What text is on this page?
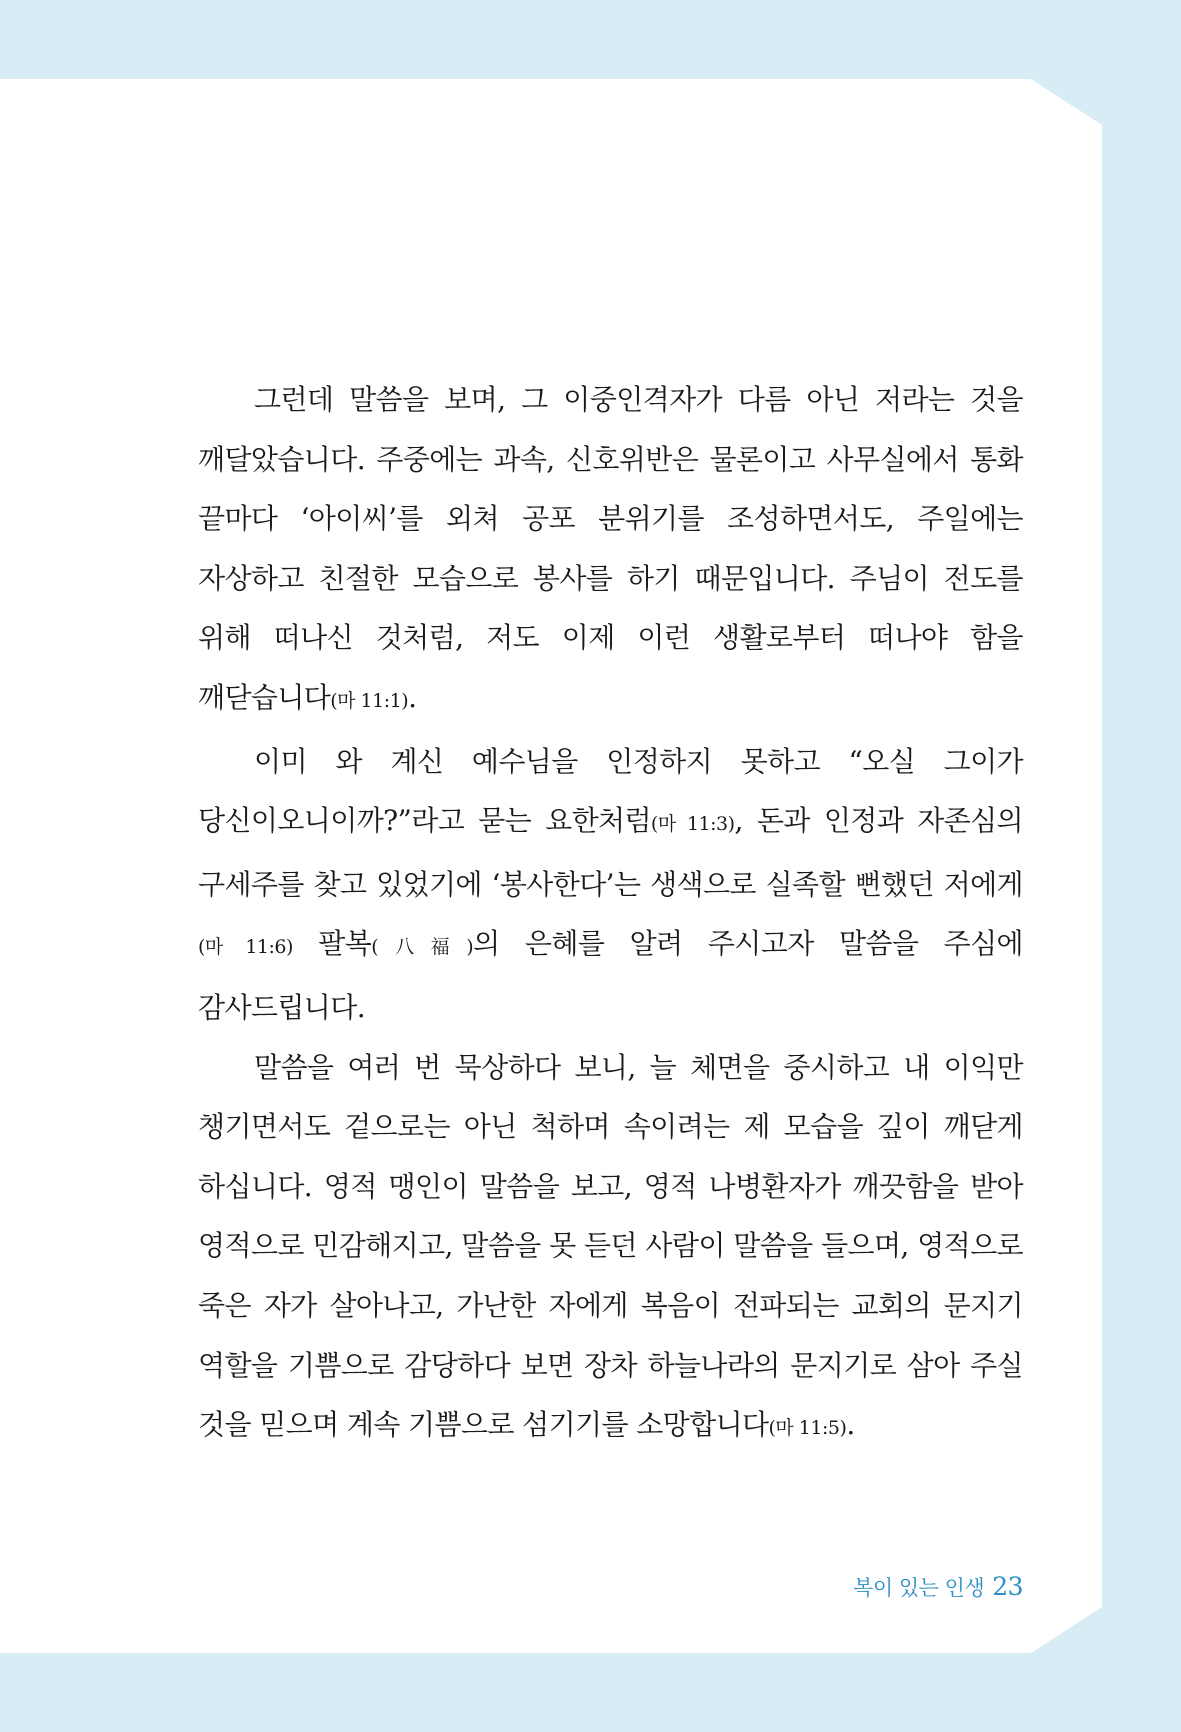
그런데 말씀을 보며, 그 이중인격자가 다름 아닌 저라는 것을 깨달았습니다. 주중에는 과속, 신호위반은 물론이고 사무실에서 통화 끝마다 ‘아이씨’를 외쳐 공포 분위기를 조성하면서도, 주일에는 자상하고 친절한 모습으로 봉사를 하기 때문입니다. 주님이 전도를 위해 떠나신 것처럼, 저도 이제 이런 생활로부터 떠나야 함을 깨닫습니다(마 11:1).

이미 와 계신 예수님을 인정하지 못하고 “오실 그이가 당신이오니이까?”라고 묻는 요한처럼(마 11:3), 돈과 인정과 자존심의 구세주를 찾고 있었기에 ‘봉사한다’는 생색으로 실족할 뻔했던 저에게(마 11:6) 팔복(八福)의 은혜를 알려 주시고자 말씀을 주심에 감사드립니다.

말씀을 여러 번 묵상하다 보니, 늘 체면을 중시하고 내 이익만 챙기면서도 겉으로는 아닌 척하며 속이려는 제 모습을 깊이 깨닫게 하십니다. 영적 맹인이 말씀을 보고, 영적 나병환자가 깨끗함을 받아 영적으로 민감해지고, 말씀을 못 듣던 사람이 말씀을 들으며, 영적으로 죽은 자가 살아나고, 가난한 자에게 복음이 전파되는 교회의 문지기 역할을 기쁨으로 감당하다 보면 장차 하늘나라의 문지기로 삼아 주실 것을 믿으며 계속 기쁨으로 섬기기를 소망합니다(마 11:5).

복이 있는 인생 23
